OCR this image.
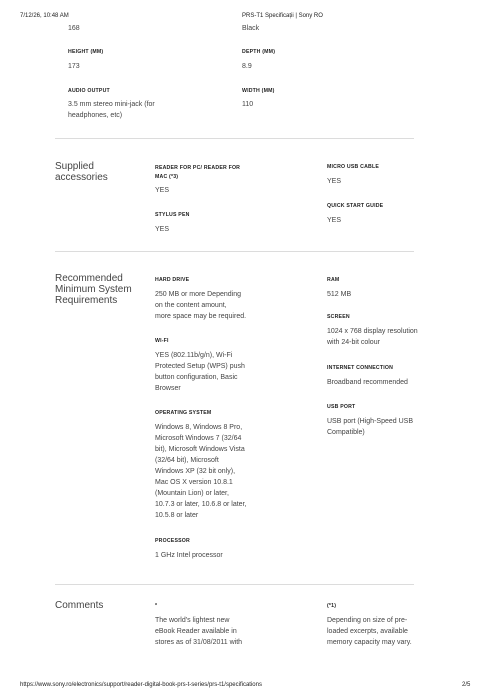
7/12/26, 10:48 AM	PRS-T1 Specificații | Sony RO
168	Black
HEIGHT (MM)
173
DEPTH (MM)
8.9
AUDIO OUTPUT
3.5 mm stereo mini-jack (for
headphones, etc)
WIDTH (MM)
110
Supplied
accessories
READER FOR PC/ READER FOR
MAC (*3)
YES
MICRO USB CABLE
YES
STYLUS PEN
YES
QUICK START GUIDE
YES
Recommended
Minimum System
Requirements
HARD DRIVE
250 MB or more Depending
on the content amount,
more space may be required.
RAM
512 MB
SCREEN
1024 x 768 display resolution
with 24-bit colour
WI-FI
YES (802.11b/g/n), Wi-Fi
Protected Setup (WPS) push
button configuration, Basic
Browser
INTERNET CONNECTION
Broadband recommended
USB PORT
USB port (High-Speed USB
Compatible)
OPERATING SYSTEM
Windows 8, Windows 8 Pro,
Microsoft Windows 7 (32/64
bit), Microsoft Windows Vista
(32/64 bit), Microsoft
Windows XP (32 bit only),
Mac OS X version 10.8.1
(Mountain Lion) or later,
10.7.3 or later, 10.6.8 or later,
10.5.8 or later
PROCESSOR
1 GHz Intel processor
Comments	*
The world's lightest new
eBook Reader available in
stores as of 31/08/2011 with
(*1)
Depending on size of pre-
loaded excerpts, available
memory capacity may vary.
https://www.sony.ro/electronics/support/reader-digital-book-prs-t-series/prs-t1/specifications	2/5
